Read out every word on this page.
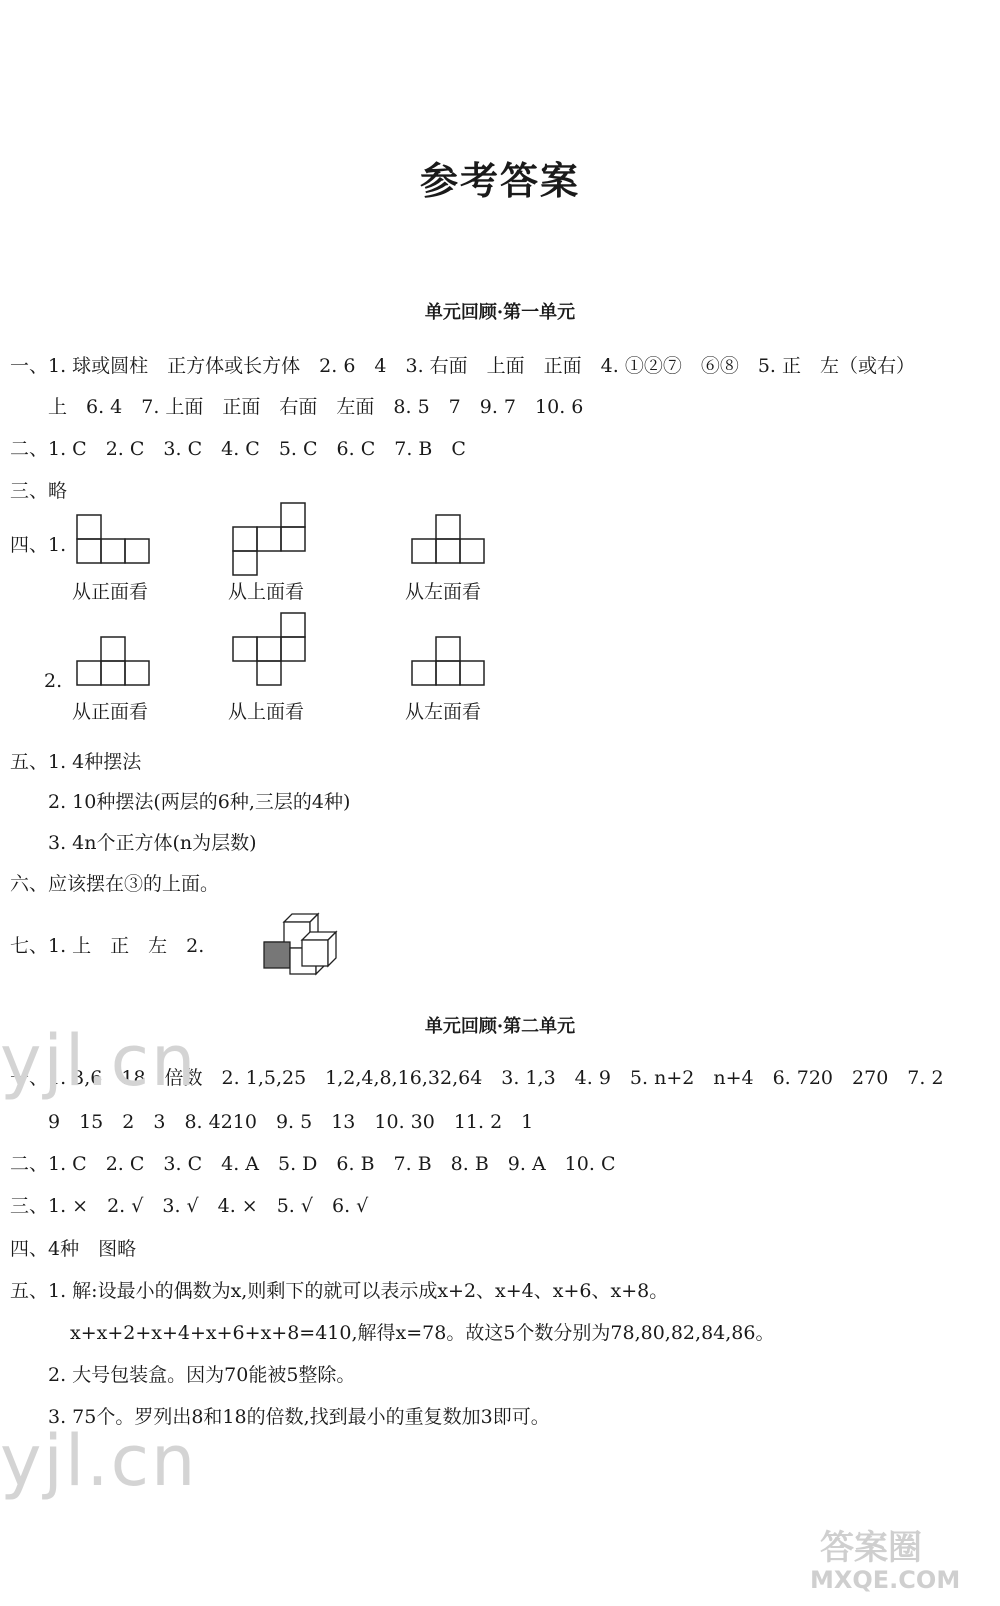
参考答案
单元回顾·第一单元
一、1. 球或圆柱　正方体或长方体　2. 6　4　3. 右面　上面　正面　4. ①②⑦　⑥⑧　5. 正　左（或右）
上　6. 4　7. 上面　正面　右面　左面　8. 5　7　9. 7　10. 6
二、1. C　2. C　3. C　4. C　5. C　6. C　7. B　C
三、略
四、1.
2.
从正面看	从上面看	从左面看
从正面看	从上面看	从左面看
五、1. 4种摆法
2. 10种摆法(两层的6种,三层的4种)
3. 4n个正方体(n为层数)
六、应该摆在③的上面。
七、1. 上　正　左　2.
单元回顾·第二单元
一、1. 3,6　18　倍数　2. 1,5,25　1,2,4,8,16,32,64　3. 1,3　4. 9　5. n+2　n+4　6. 720　270　7. 2
9　15　2　3　8. 4210　9. 5　13　10. 30　11. 2　1
二、1. C　2. C　3. C　4. A　5. D　6. B　7. B　8. B　9. A　10. C
三、1. ×　2. √　3. √　4. ×　5. √　6. √
四、4种　图略
五、1. 解:设最小的偶数为x,则剩下的就可以表示成x+2、x+4、x+6、x+8。
x+x+2+x+4+x+6+x+8=410,解得x=78。故这5个数分别为78,80,82,84,86。
2. 大号包装盒。因为70能被5整除。
3. 75个。罗列出8和18的倍数,找到最小的重复数加3即可。
yjl.cn
yjl.cn
答案圈
MXQE.COM
